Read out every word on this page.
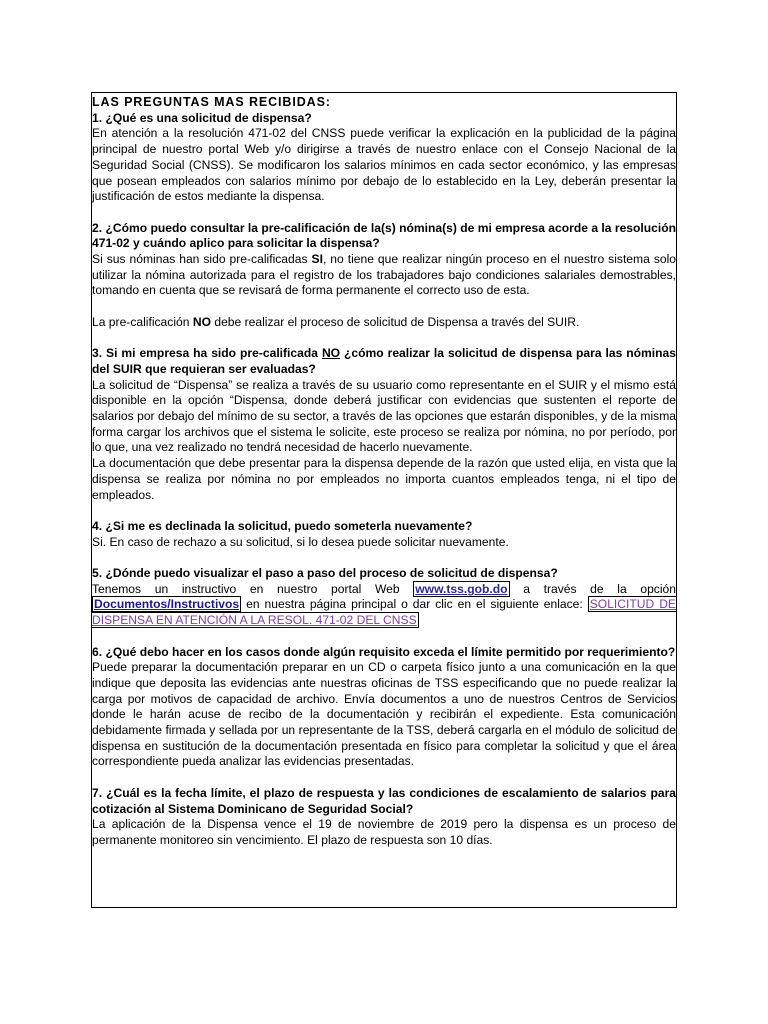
LAS PREGUNTAS MAS RECIBIDAS:
1. ¿Qué es una solicitud de dispensa?
En atención a la resolución 471-02 del CNSS puede verificar la explicación en la publicidad de la página principal de nuestro portal Web y/o dirigirse a través de nuestro enlace con el Consejo Nacional de la Seguridad Social (CNSS). Se modificaron los salarios mínimos en cada sector económico, y las empresas que posean empleados con salarios mínimo por debajo de lo establecido en la Ley, deberán presentar la justificación de estos mediante la dispensa.
2. ¿Cómo puedo consultar la pre-calificación de la(s) nómina(s) de mi empresa acorde a la resolución 471-02 y cuándo aplico para solicitar la dispensa?
Si sus nóminas han sido pre-calificadas SI, no tiene que realizar ningún proceso en el nuestro sistema solo utilizar la nómina autorizada para el registro de los trabajadores bajo condiciones salariales demostrables, tomando en cuenta que se revisará de forma permanente el correcto uso de esta.
La pre-calificación NO debe realizar el proceso de solicitud de Dispensa a través del SUIR.
3. Si mi empresa ha sido pre-calificada NO ¿cómo realizar la solicitud de dispensa para las nóminas del SUIR que requieran ser evaluadas?
La solicitud de “Dispensa” se realiza a través de su usuario como representante en el SUIR y el mismo está disponible en la opción “Dispensa, donde deberá justificar con evidencias que sustenten el reporte de salarios por debajo del mínimo de su sector, a través de las opciones que estarán disponibles, y de la misma forma cargar los archivos que el sistema le solicite, este proceso se realiza por nómina, no por período, por lo que, una vez realizado no tendrá necesidad de hacerlo nuevamente.
La documentación que debe presentar para la dispensa depende de la razón que usted elija, en vista que la dispensa se realiza por nómina no por empleados no importa cuantos empleados tenga, ni el tipo de empleados.
4. ¿Si me es declinada la solicitud, puedo someterla nuevamente?
Si. En caso de rechazo a su solicitud, si lo desea puede solicitar nuevamente.
5. ¿Dónde puedo visualizar el paso a paso del proceso de solicitud de dispensa?
Tenemos un instructivo en nuestro portal Web www.tss.gob.do a través de la opción Documentos/Instructivos en nuestra página principal o dar clic en el siguiente enlace: SOLICITUD DE DISPENSA EN ATENCIÓN A LA RESOL. 471-02 DEL CNSS
6. ¿Qué debo hacer en los casos donde algún requisito exceda el límite permitido por requerimiento?
Puede preparar la documentación preparar en un CD o carpeta físico junto a una comunicación en la que indique que deposita las evidencias ante nuestras oficinas de TSS especificando que no puede realizar la carga por motivos de capacidad de archivo. Envía documentos a uno de nuestros Centros de Servicios donde le harán acuse de recibo de la documentación y recibirán el expediente. Esta comunicación debidamente firmada y sellada por un representante de la TSS, deberá cargarla en el módulo de solicitud de dispensa en sustitución de la documentación presentada en físico para completar la solicitud y que el área correspondiente pueda analizar las evidencias presentadas.
7. ¿Cuál es la fecha límite, el plazo de respuesta y las condiciones de escalamiento de salarios para cotización al Sistema Dominicano de Seguridad Social?
La aplicación de la Dispensa vence el 19 de noviembre de 2019 pero la dispensa es un proceso de permanente monitoreo sin vencimiento. El plazo de respuesta son 10 días.
